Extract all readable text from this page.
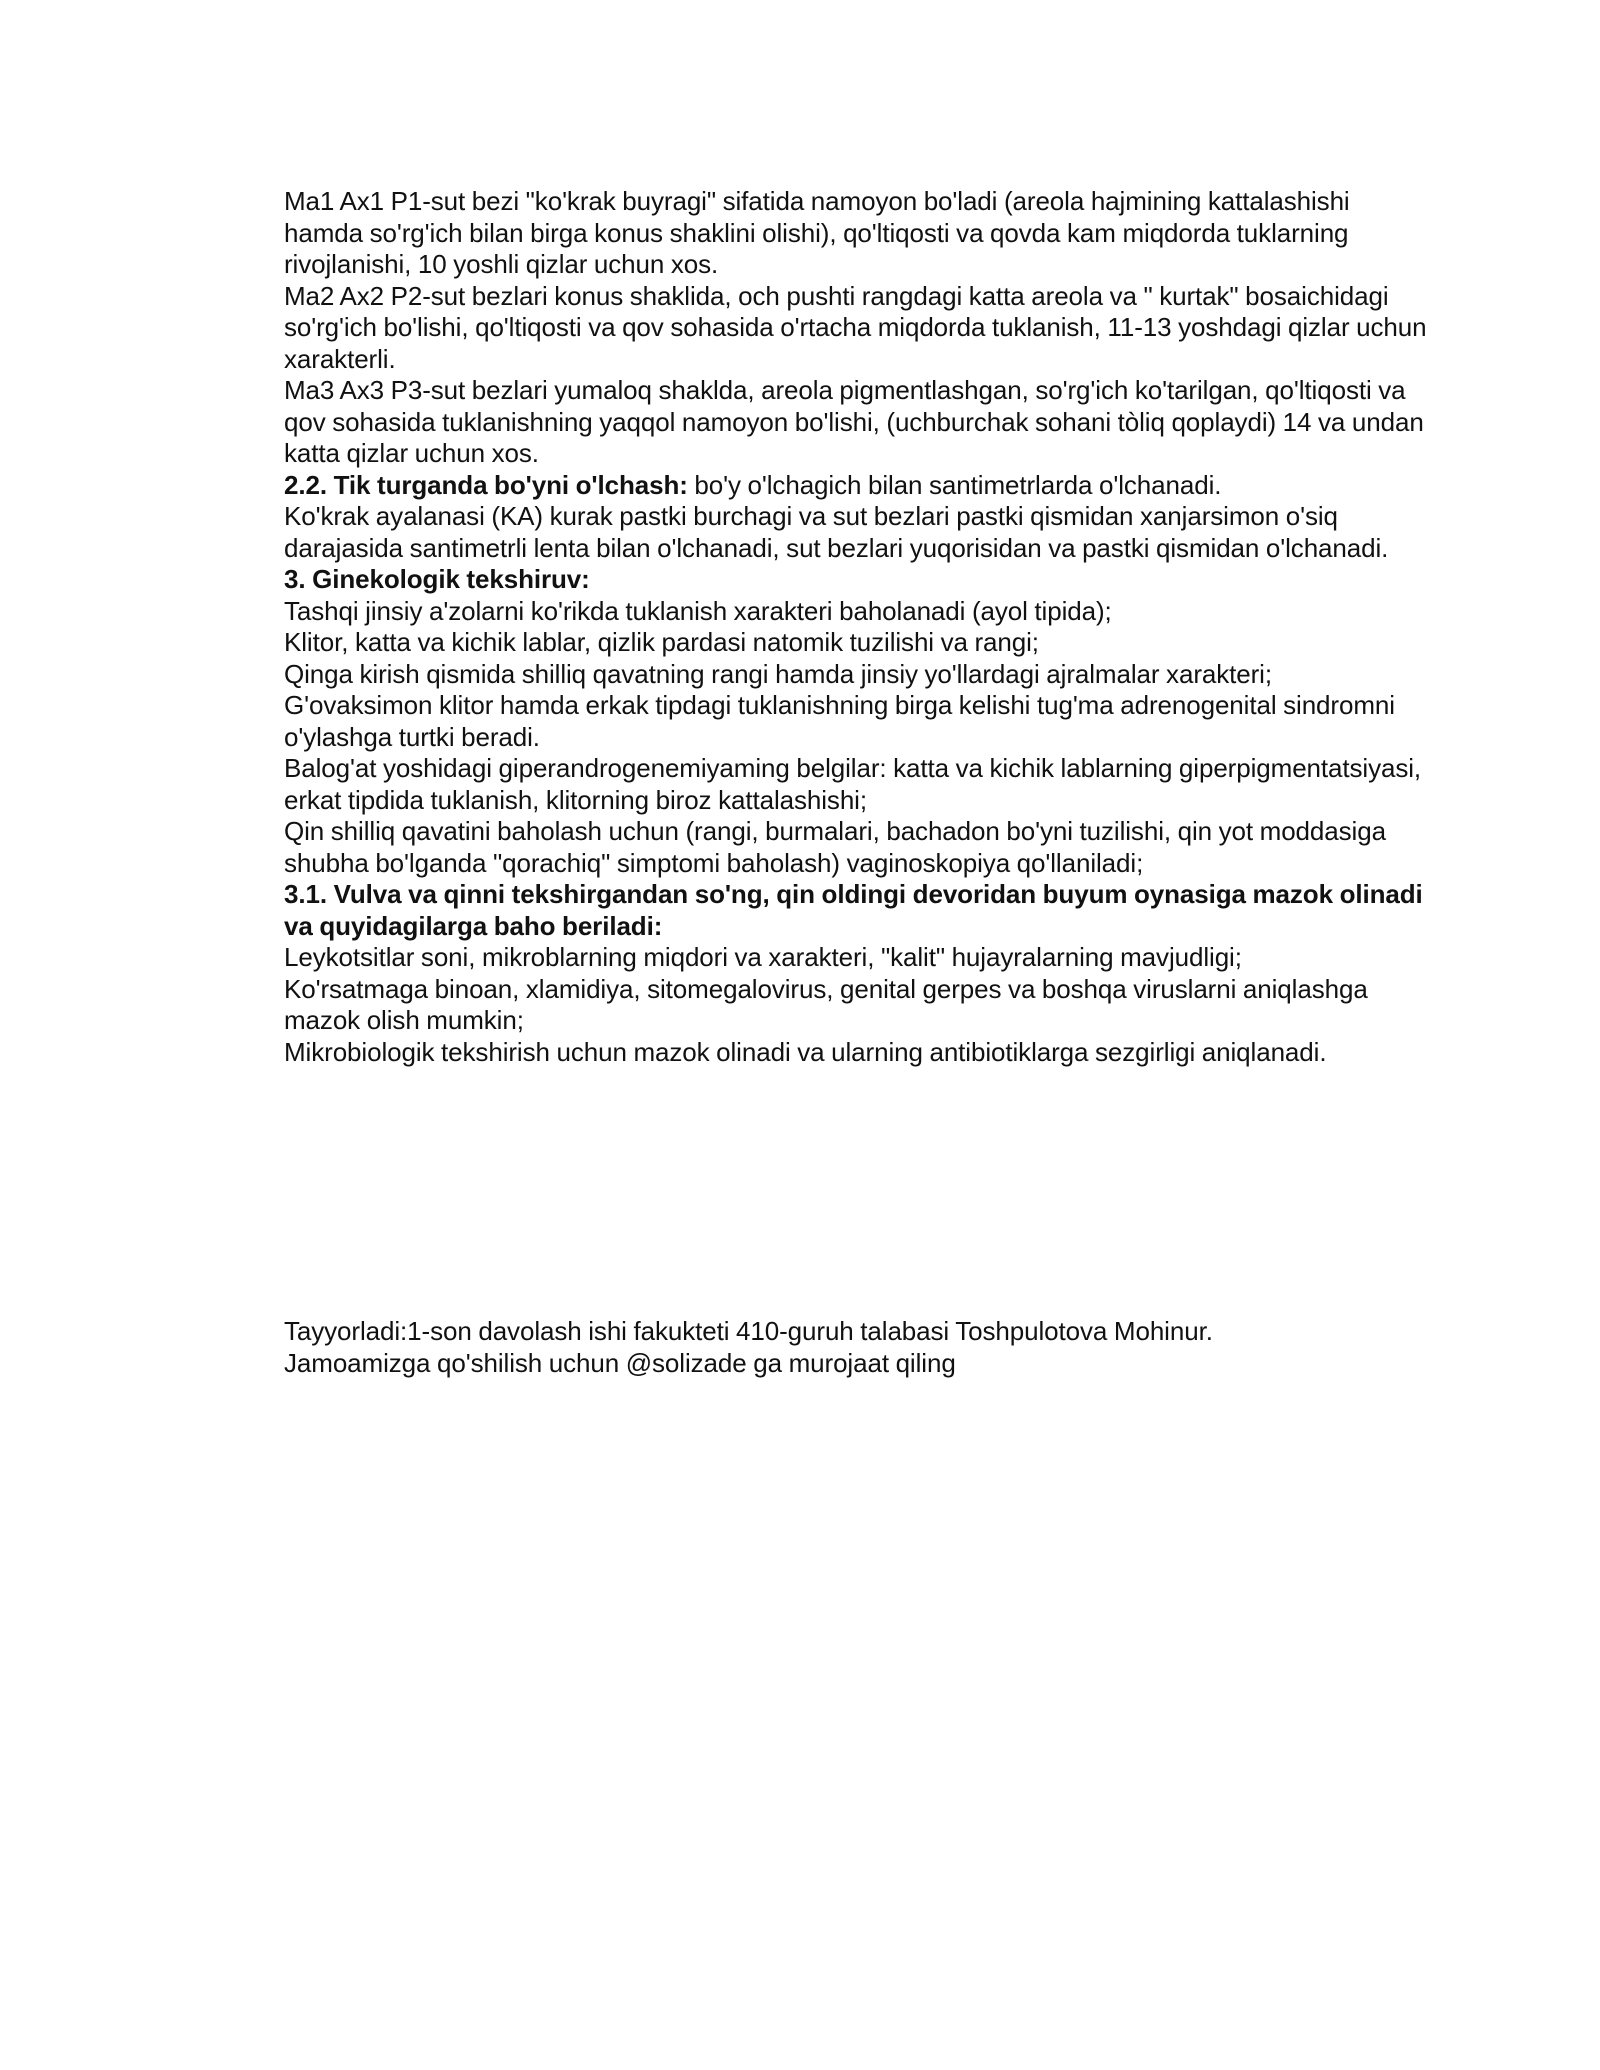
Ma1 Ax1 P1-sut bezi "ko'krak buyragi" sifatida namoyon bo'ladi (areola hajmining kattalashishi hamda so'rg'ich bilan birga konus shaklini olishi), qo'ltiqosti va qovda kam miqdorda tuklarning rivojlanishi, 10 yoshli qizlar uchun xos.

Ma2 Ax2 P2-sut bezlari konus shaklida, och pushti rangdagi katta areola va " kurtak" bosaichidagi so'rg'ich bo'lishi, qo'ltiqosti va qov sohasida o'rtacha miqdorda tuklanish, 11-13 yoshdagi qizlar uchun xarakterli.

Ma3 Ax3 P3-sut bezlari yumaloq shaklda, areola pigmentlashgan, so'rg'ich ko'tarilgan, qo'ltiqosti va qov sohasida tuklanishning yaqqol namoyon bo'lishi, (uchburchak sohani tòliq qoplaydi) 14 va undan katta qizlar uchun xos.

2.2. Tik turganda bo'yni o'lchash: bo'y o'lchagich bilan santimetrlarda o'lchanadi.

Ko'krak ayalanasi (KA) kurak pastki burchagi va sut bezlari pastki qismidan xanjarsimon o'siq darajasida santimetrli lenta bilan o'lchanadi, sut bezlari yuqorisidan va pastki qismidan o'lchanadi.

3. Ginekologik tekshiruv:

Tashqi jinsiy a'zolarni ko'rikda tuklanish xarakteri baholanadi (ayol tipida);

Klitor, katta va kichik lablar, qizlik pardasi natomik tuzilishi va rangi;

Qinga kirish qismida shilliq qavatning rangi hamda jinsiy yo'llardagi ajralmalar xarakteri;

G'ovaksimon klitor hamda erkak tipdagi tuklanishning birga kelishi tug'ma adrenogenital sindromni o'ylashga turtki beradi.

Balog'at yoshidagi giperandrogenemiyaming belgilar: katta va kichik lablarning giperpigmentatsiyasi, erkat tipdida tuklanish, klitorning biroz kattalashishi;

Qin shilliq qavatini baholash uchun (rangi, burmalari, bachadon bo'yni tuzilishi, qin yot moddasiga shubha bo'lganda "qorachiq" simptomi baholash) vaginoskopiya qo'llaniladi;

3.1. Vulva va qinni tekshirgandan so'ng, qin oldingi devoridan buyum oynasiga mazok olinadi va quyidagilarga baho beriladi:

Leykotsitlar soni, mikroblarning miqdori va xarakteri, "kalit" hujayralarning mavjudligi;

Ko'rsatmaga binoan, xlamidiya, sitomegalovirus, genital gerpes va boshqa viruslarni aniqlashga mazok olish mumkin;

Mikrobiologik tekshirish uchun mazok olinadi va ularning antibiotiklarga sezgirligi aniqlanadi.

Tayyorladi:1-son davolash ishi fakukteti 410-guruh talabasi Toshpulotova Mohinur.

Jamoamizga qo'shilish uchun @solizade ga murojaat qiling
